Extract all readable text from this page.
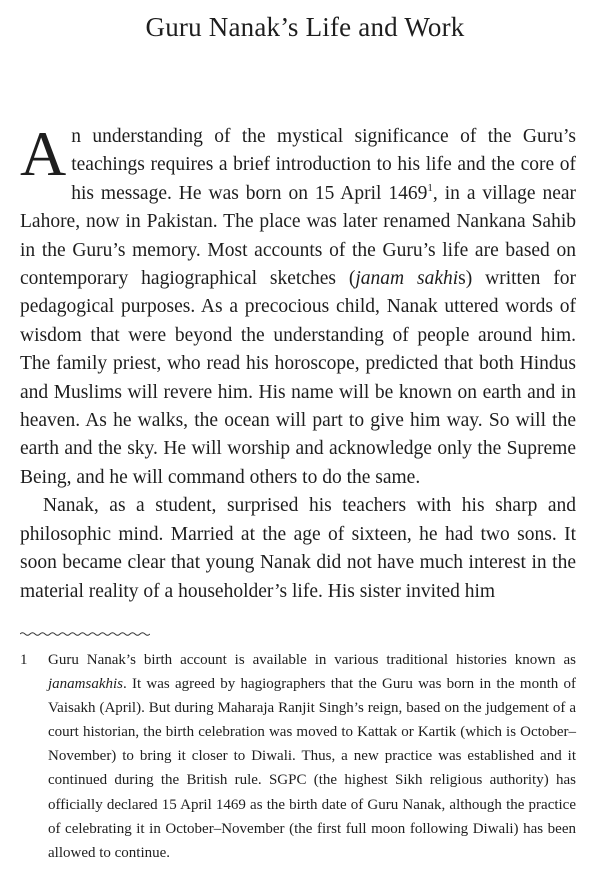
Guru Nanak’s Life and Work

An understanding of the mystical significance of the Guru’s teachings requires a brief introduction to his life and the core of his message. He was born on 15 April 1469$^1$, in a village near Lahore, now in Pakistan. The place was later renamed Nankana Sahib in the Guru’s memory. Most accounts of the Guru’s life are based on contemporary hagiographical sketches (janam sakhis) written for pedagogical purposes. As a precocious child, Nanak uttered words of wisdom that were beyond the understanding of people around him. The family priest, who read his horoscope, predicted that both Hindus and Muslims will revere him. His name will be known on earth and in heaven. As he walks, the ocean will part to give him way. So will the earth and the sky. He will worship and acknowledge only the Supreme Being, and he will command others to do the same.

Nanak, as a student, surprised his teachers with his sharp and philosophic mind. Married at the age of sixteen, he had two sons. It soon became clear that young Nanak did not have much interest in the material reality of a householder’s life. His sister invited him

1 Guru Nanak’s birth account is available in various traditional histories known as janamsakhis. It was agreed by hagiographers that the Guru was born in the month of Vaisakh (April). But during Maharaja Ranjit Singh’s reign, based on the judgement of a court historian, the birth celebration was moved to Kattak or Kartik (which is October–November) to bring it closer to Diwali. Thus, a new practice was established and it continued during the British rule. SGPC (the highest Sikh religious authority) has officially declared 15 April 1469 as the birth date of Guru Nanak, although the practice of celebrating it in October–November (the first full moon following Diwali) has been allowed to continue.
